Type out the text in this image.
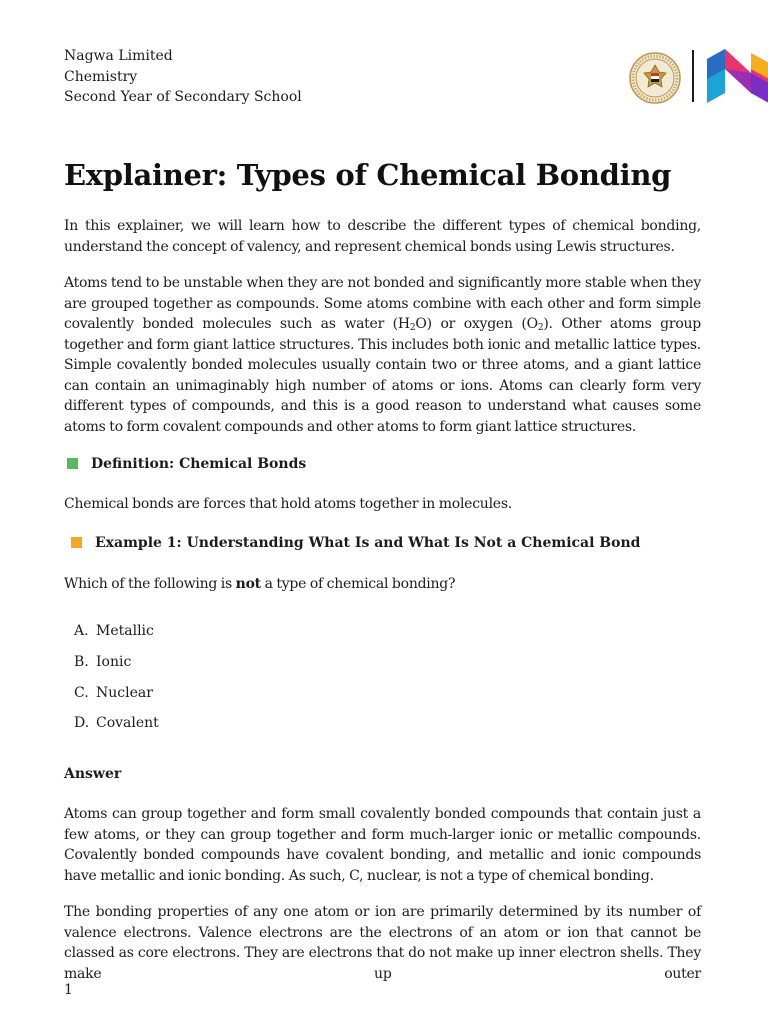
Nagwa Limited
Chemistry
Second Year of Secondary School
Explainer: Types of Chemical Bonding

In this explainer, we will learn how to describe the different types of chemical bonding, understand the concept of valency, and represent chemical bonds using Lewis structures.

Atoms tend to be unstable when they are not bonded and significantly more stable when they are grouped together as compounds. Some atoms combine with each other and form simple covalently bonded molecules such as water $(H_2O)$ or oxygen $(O_2)$. Other atoms group together and form giant lattice structures. This includes both ionic and metallic lattice types. Simple covalently bonded molecules usually contain two or three atoms, and a giant lattice can contain an unimaginably high number of atoms or ions. Atoms can clearly form very different types of compounds, and this is a good reason to understand what causes some atoms to form covalent compounds and other atoms to form giant lattice structures.

Definition: Chemical Bonds

Chemical bonds are forces that hold atoms together in molecules.

Example 1: Understanding What Is and What Is Not a Chemical Bond

Which of the following is not a type of chemical bonding?

A. Metallic
B. Ionic
C. Nuclear
D. Covalent
Answer

Atoms can group together and form small covalently bonded compounds that contain just a few atoms, or they can group together and form much-larger ionic or metallic compounds. Covalently bonded compounds have covalent bonding, and metallic and ionic compounds have metallic and ionic bonding. As such, C, nuclear, is not a type of chemical bonding.

The bonding properties of any one atom or ion are primarily determined by its number of valence electrons. Valence electrons are the electrons of an atom or ion that cannot be classed as core electrons. They are electrons that do not make up inner electron shells. They make up outer

1
